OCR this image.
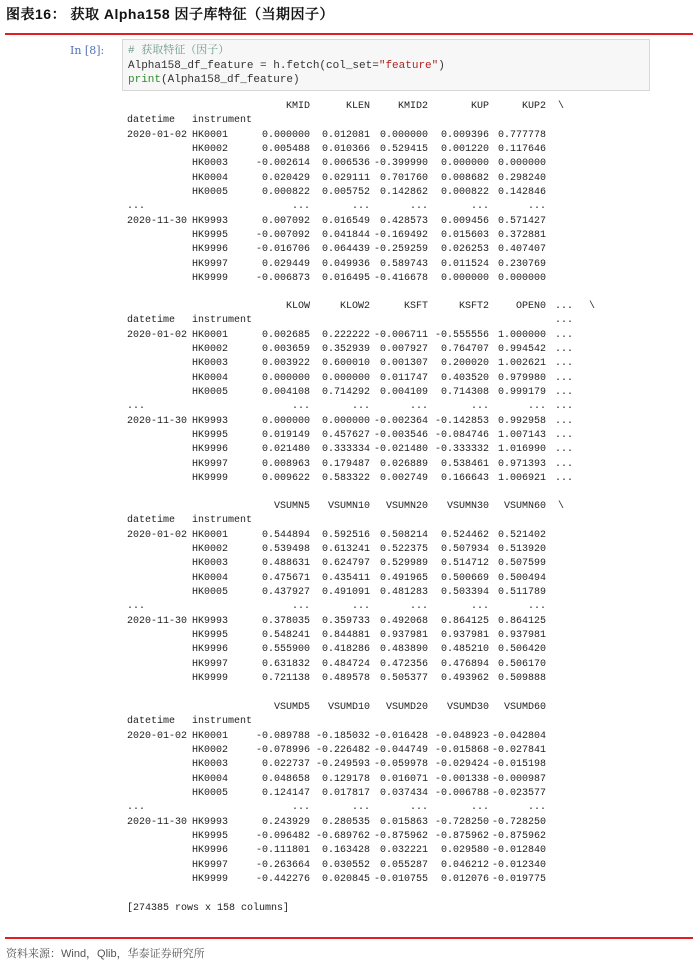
图表16： 获取 Alpha158 因子库特征（当期因子）
In [8]: # 获取特征（因子）
Alpha158_df_feature = h.fetch(col_set="feature")
print(Alpha158_df_feature)
KMID	KLEN	KMID2	KUP	KUP2 \
datetime instrument
2020-01-02 HK0001	0.000000	0.012081 0.000000	0.009396 0.777778
HK0002	0.005488	0.010366 0.529415	0.001220 0.117646
HK0003	-0.002614	0.006536 -0.399990	0.000000 0.000000
HK0004	0.020429	0.029111 0.701760	0.008682 0.298240
HK0005	0.000822	0.005752 0.142862	0.000822 0.142846
...	...	...	...	...	...
2020-11-30 HK9993	0.007092	0.016549 0.428573	0.009456 0.571427
HK9995	-0.007092	0.041844 -0.169492	0.015603 0.372881
HK9996	-0.016706	0.064439 -0.259259	0.026253 0.407407
HK9997	0.029449	0.049936 0.589743	0.011524 0.230769
HK9999	-0.006873	0.016495 -0.416678	0.000000 0.000000
KLOW	KLOW2	KSFT	KSFT2	OPEN0 ... \
datetime instrument	...
2020-01-02 HK0001	0.002685	0.222222 -0.006711 -0.555556 1.000000 ...
HK0002	0.003659	0.352939 0.007927	0.764707 0.994542 ...
HK0003	0.003922	0.600010 0.001307	0.200020 1.002621 ...
HK0004	0.000000	0.000000 0.011747	0.403520 0.979980 ...
HK0005	0.004108	0.714292 0.004109	0.714308 0.999179 ...
...	...	...	...	...	... ...
2020-11-30 HK9993	0.000000	0.000000 -0.002364 -0.142853 0.992958 ...
HK9995	0.019149	0.457627 -0.003546 -0.084746 1.007143 ...
HK9996	0.021480	0.333334 -0.021480 -0.333332 1.016990 ...
HK9997	0.008963	0.179487 0.026889	0.538461 0.971393 ...
HK9999	0.009622	0.583322 0.002749	0.166643 1.006921 ...
VSUMN5	VSUMN10	VSUMN20	VSUMN30	VSUMN60 \
datetime instrument
2020-01-02 HK0001	0.544894	0.592516 0.508214	0.524462 0.521402
HK0002	0.539498	0.613241 0.522375	0.507934 0.513920
HK0003	0.488631	0.624797 0.529989	0.514712 0.507599
HK0004	0.475671	0.435411 0.491965	0.500669 0.500494
HK0005	0.437927	0.491091 0.481283	0.503394 0.511789
...	...	...	...	...	...
2020-11-30 HK9993	0.378035	0.359733 0.492068	0.864125 0.864125
HK9995	0.548241	0.844881 0.937981	0.937981 0.937981
HK9996	0.555900	0.418286 0.483890	0.485210 0.506420
HK9997	0.631832	0.484724 0.472356	0.476894 0.506170
HK9999	0.721138	0.489578 0.505377	0.493962 0.509888
VSUMD5	VSUMD10	VSUMD20	VSUMD30	VSUMD60
datetime instrument
2020-01-02 HK0001	-0.089788 -0.185032 -0.016428 -0.048923 -0.042804
HK0002	-0.078996 -0.226482 -0.044749 -0.015868 -0.027841
HK0003	0.022737 -0.249593 -0.059978 -0.029424 -0.015198
HK0004	0.048658	0.129178 0.016071 -0.001338 -0.000987
HK0005	0.124147	0.017817 0.037434 -0.006788 -0.023577
...	...	...	...	...	...
2020-11-30 HK9993	0.243929	0.280535 0.015863 -0.728250 -0.728250
HK9995	-0.096482 -0.689762 -0.875962 -0.875962 -0.875962
HK9996	-0.111801	0.163428 0.032221	0.029580 -0.012840
HK9997	-0.263664	0.030552 0.055287	0.046212 -0.012340
HK9999	-0.442276	0.020845 -0.010755	0.012076 -0.019775
[274385 rows x 158 columns]
资料来源：Wind，Qlib，华泰证券研究所
